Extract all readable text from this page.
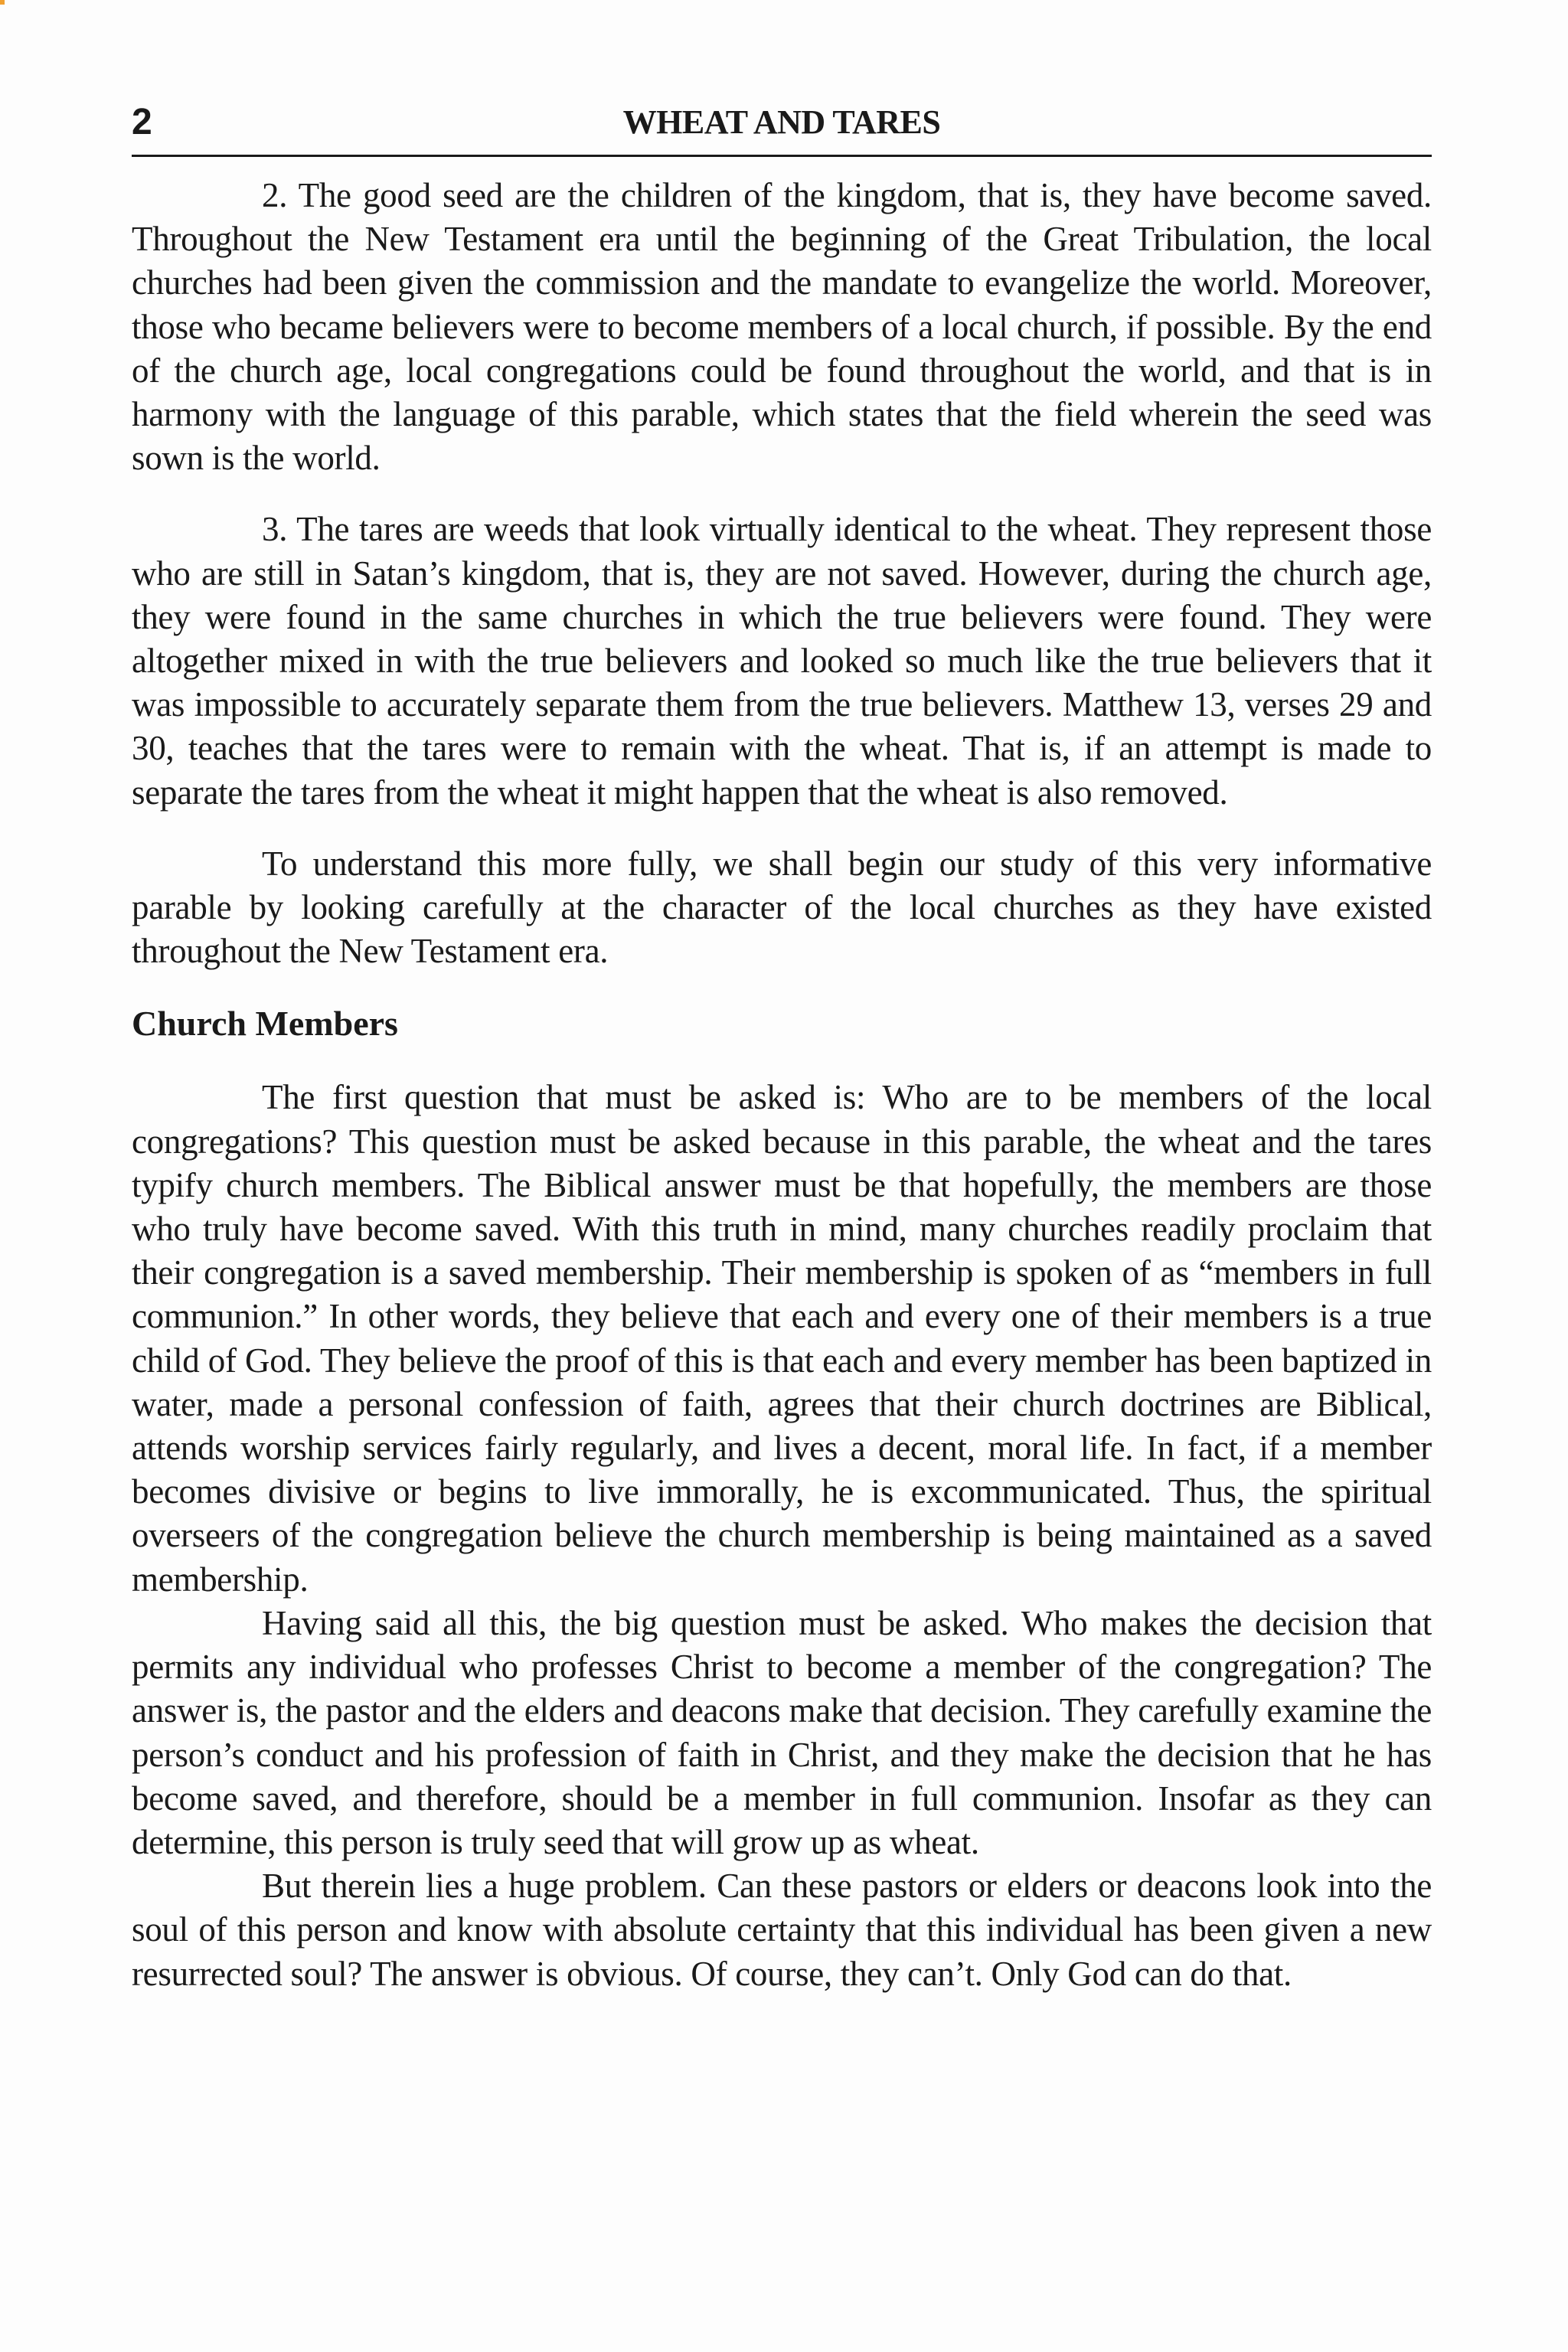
2	WHEAT AND TARES

2. The good seed are the children of the kingdom, that is, they have become saved. Throughout the New Testament era until the beginning of the Great Tribulation, the local churches had been given the commission and the mandate to evangelize the world. Moreover, those who became believers were to become members of a local church, if possible. By the end of the church age, local congregations could be found throughout the world, and that is in harmony with the language of this parable, which states that the field wherein the seed was sown is the world.

3. The tares are weeds that look virtually identical to the wheat. They represent those who are still in Satan’s kingdom, that is, they are not saved. However, during the church age, they were found in the same churches in which the true believers were found. They were altogether mixed in with the true believers and looked so much like the true believers that it was impossible to accurately separate them from the true believers. Matthew 13, verses 29 and 30, teaches that the tares were to remain with the wheat. That is, if an attempt is made to separate the tares from the wheat it might happen that the wheat is also removed.

To understand this more fully, we shall begin our study of this very informative parable by looking carefully at the character of the local churches as they have existed throughout the New Testament era.

Church Members

The first question that must be asked is: Who are to be members of the local congregations? This question must be asked because in this parable, the wheat and the tares typify church members. The Biblical answer must be that hopefully, the members are those who truly have become saved. With this truth in mind, many churches readily proclaim that their congregation is a saved membership. Their membership is spoken of as “members in full communion.” In other words, they believe that each and every one of their members is a true child of God. They believe the proof of this is that each and every member has been baptized in water, made a personal confession of faith, agrees that their church doctrines are Biblical, attends worship services fairly regularly, and lives a decent, moral life. In fact, if a member becomes divisive or begins to live immorally, he is excommunicated. Thus, the spiritual overseers of the congregation believe the church membership is being maintained as a saved membership.

Having said all this, the big question must be asked. Who makes the decision that permits any individual who professes Christ to become a member of the congregation? The answer is, the pastor and the elders and deacons make that decision. They carefully examine the person’s conduct and his profession of faith in Christ, and they make the decision that he has become saved, and therefore, should be a member in full communion. Insofar as they can determine, this person is truly seed that will grow up as wheat.

But therein lies a huge problem. Can these pastors or elders or deacons look into the soul of this person and know with absolute certainty that this individual has been given a new resurrected soul? The answer is obvious. Of course, they can’t. Only God can do that.
